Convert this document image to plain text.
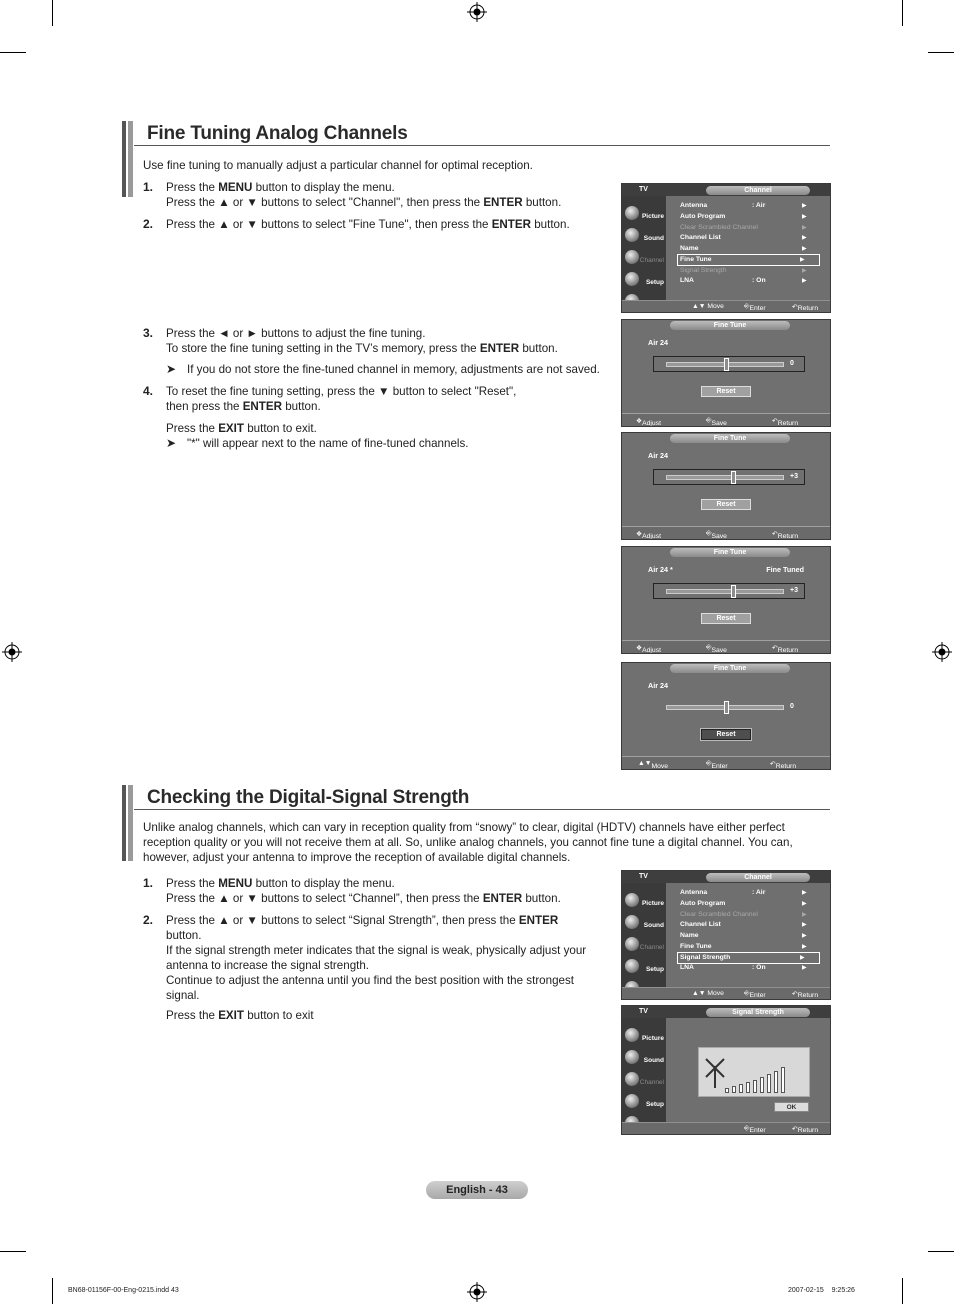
Fine Tuning Analog Channels
Use fine tuning to manually adjust a particular channel for optimal reception.
1. Press the MENU button to display the menu.
Press the ▲ or ▼ buttons to select "Channel", then press the ENTER button.
2. Press the ▲ or ▼ buttons to select "Fine Tune", then press the ENTER button.
3. Press the ◄ or ► buttons to adjust the fine tuning.
To store the fine tuning setting in the TV’s memory, press the ENTER button.
➤ If you do not store the fine-tuned channel in memory, adjustments are not saved.
4. To reset the fine tuning setting, press the ▼ button to select "Reset",
then press the ENTER button.
Press the EXIT button to exit.
➤ "*" will appear next to the name of fine-tuned channels.
TV	Channel
Picture
Sound
Channel
Setup
Antenna	: Air	▶
Auto Program	▶
Clear Scrambled Channel	▶
Channel List	▶
Name	▶
Fine Tune	▶
Signal Strength	▶
LNA	: On	▶
▲▼ Move	⎆ Enter	↶ Return
Fine Tune
Air 24
0
Reset
❖ Adjust	⎆ Save	↶ Return
Fine Tune
Air 24
+3
Reset
❖ Adjust	⎆ Save	↶ Return
Fine Tune
Air 24 *	Fine Tuned
+3
Reset
❖ Adjust	⎆ Save	↶ Return
Fine Tune
Air 24
0
Reset
▲▼ Move	⎆ Enter	↶ Return
Checking the Digital-Signal Strength
Unlike analog channels, which can vary in reception quality from “snowy” to clear, digital (HDTV) channels have either perfect
reception quality or you will not receive them at all. So, unlike analog channels, you cannot fine tune a digital channel. You can,
however, adjust your antenna to improve the reception of available digital channels.
1. Press the MENU button to display the menu.
Press the ▲ or ▼ buttons to select “Channel”, then press the ENTER button.
2. Press the ▲ or ▼ buttons to select “Signal Strength”, then press the ENTER
button.
If the signal strength meter indicates that the signal is weak, physically adjust your
antenna to increase the signal strength.
Continue to adjust the antenna until you find the best position with the strongest
signal.
Press the EXIT button to exit
TV	Channel
Picture
Sound
Channel
Setup
Antenna	: Air	▶
Auto Program	▶
Clear Scrambled Channel	▶
Channel List	▶
Name	▶
Fine Tune	▶
Signal Strength	▶
LNA	: On	▶
▲▼ Move	⎆ Enter	↶ Return
TV	Signal Strength
Picture
Sound
Channel
Setup	OK
⎆ Enter	↶ Return
English - 43
BN68-01156F-00-Eng-0215.indd 43	2007-02-15    9:25:26
